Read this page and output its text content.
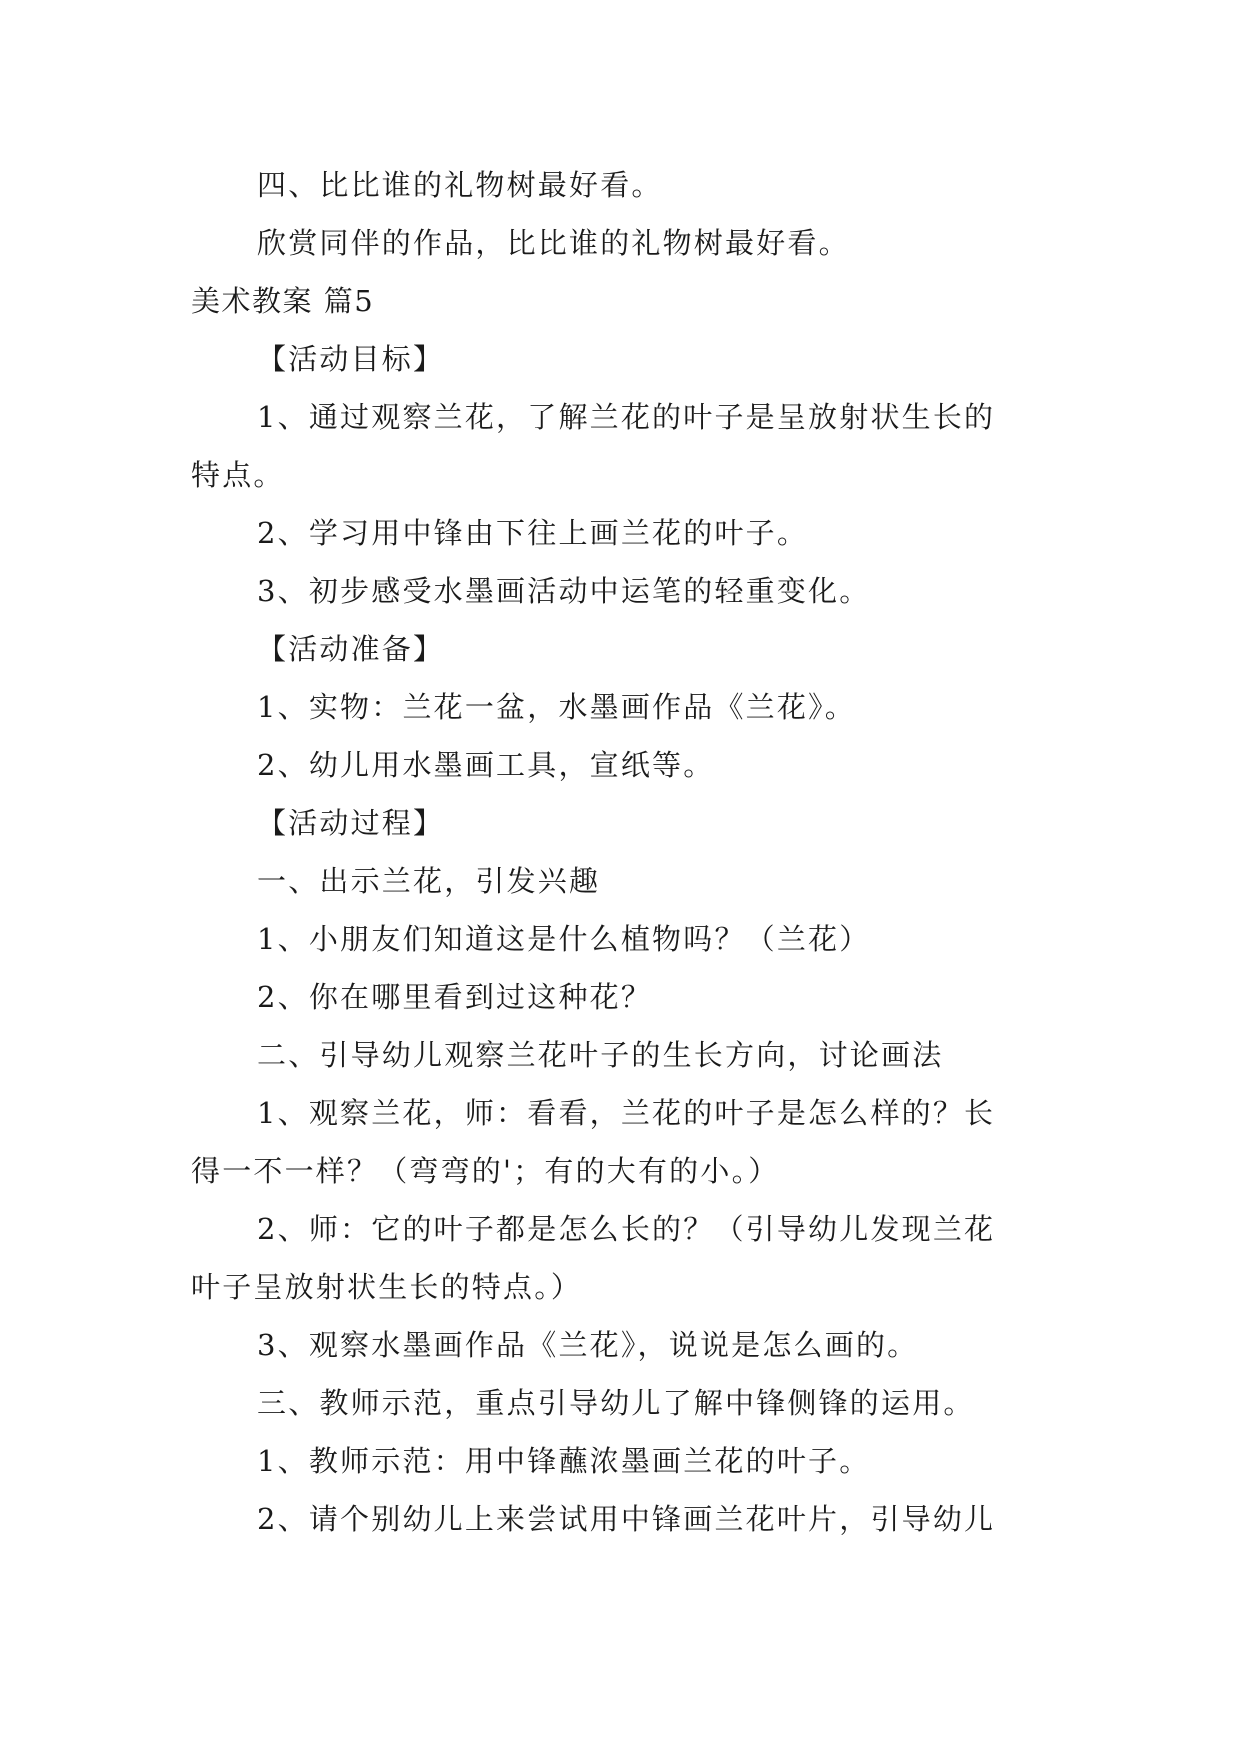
四、比比谁的礼物树最好看。
欣赏同伴的作品，比比谁的礼物树最好看。
美术教案 篇5
【活动目标】
1、通过观察兰花，了解兰花的叶子是呈放射状生长的
特点。
2、学习用中锋由下往上画兰花的叶子。
3、初步感受水墨画活动中运笔的轻重变化。
【活动准备】
1、实物：兰花一盆，水墨画作品《兰花》。
2、幼儿用水墨画工具，宣纸等。
【活动过程】
一、出示兰花，引发兴趣
1、小朋友们知道这是什么植物吗？（兰花）
2、你在哪里看到过这种花？
二、引导幼儿观察兰花叶子的生长方向，讨论画法
1、观察兰花，师：看看，兰花的叶子是怎么样的？长
得一不一样？（弯弯的'；有的大有的小。）
2、师：它的叶子都是怎么长的？（引导幼儿发现兰花
叶子呈放射状生长的特点。）
3、观察水墨画作品《兰花》，说说是怎么画的。
三、教师示范，重点引导幼儿了解中锋侧锋的运用。
1、教师示范：用中锋蘸浓墨画兰花的叶子。
2、请个别幼儿上来尝试用中锋画兰花叶片，引导幼儿
